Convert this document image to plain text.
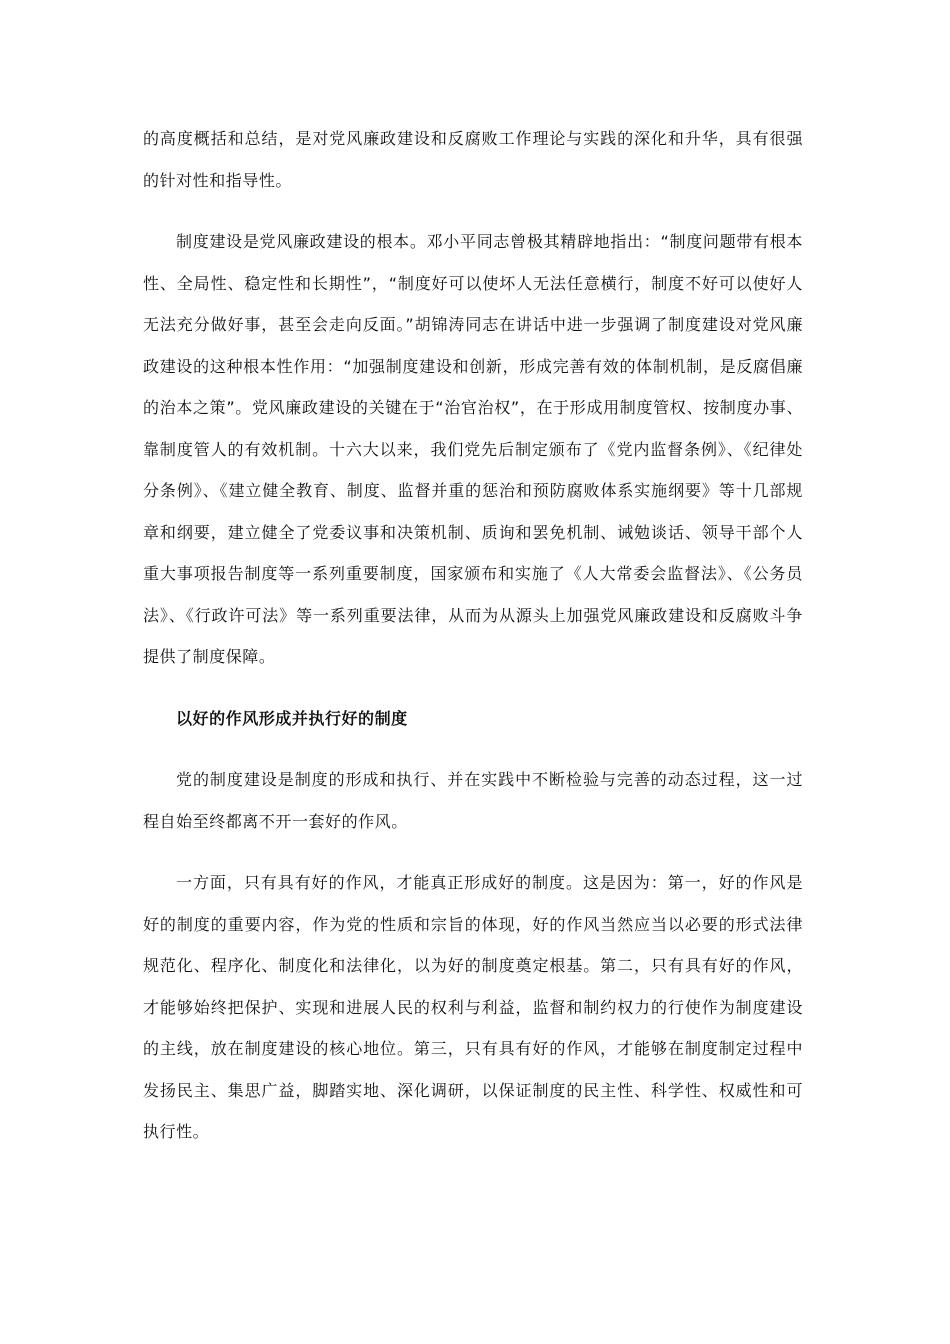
的高度概括和总结，是对党风廉政建设和反腐败工作理论与实践的深化和升华，具有很强的针对性和指导性。

制度建设是党风廉政建设的根本。邓小平同志曾极其精辟地指出：“制度问题带有根本性、全局性、稳定性和长期性”，“制度好可以使坏人无法任意横行，制度不好可以使好人无法充分做好事，甚至会走向反面。”胡锦涛同志在讲话中进一步强调了制度建设对党风廉政建设的这种根本性作用：“加强制度建设和创新，形成完善有效的体制机制，是反腐倡廉的治本之策”。党风廉政建设的关键在于“治官治权”，在于形成用制度管权、按制度办事、靠制度管人的有效机制。十六大以来，我们党先后制定颁布了《党内监督条例》、《纪律处分条例》、《建立健全教育、制度、监督并重的惩治和预防腐败体系实施纲要》等十几部规章和纲要，建立健全了党委议事和决策机制、质询和罢免机制、诫勉谈话、领导干部个人重大事项报告制度等一系列重要制度，国家颁布和实施了《人大常委会监督法》、《公务员法》、《行政许可法》等一系列重要法律，从而为从源头上加强党风廉政建设和反腐败斗争提供了制度保障。

以好的作风形成并执行好的制度

党的制度建设是制度的形成和执行、并在实践中不断检验与完善的动态过程，这一过程自始至终都离不开一套好的作风。

一方面，只有具有好的作风，才能真正形成好的制度。这是因为：第一，好的作风是好的制度的重要内容，作为党的性质和宗旨的体现，好的作风当然应当以必要的形式法律规范化、程序化、制度化和法律化，以为好的制度奠定根基。第二，只有具有好的作风，才能够始终把保护、实现和进展人民的权利与利益，监督和制约权力的行使作为制度建设的主线，放在制度建设的核心地位。第三，只有具有好的作风，才能够在制度制定过程中发扬民主、集思广益，脚踏实地、深化调研，以保证制度的民主性、科学性、权威性和可执行性。
